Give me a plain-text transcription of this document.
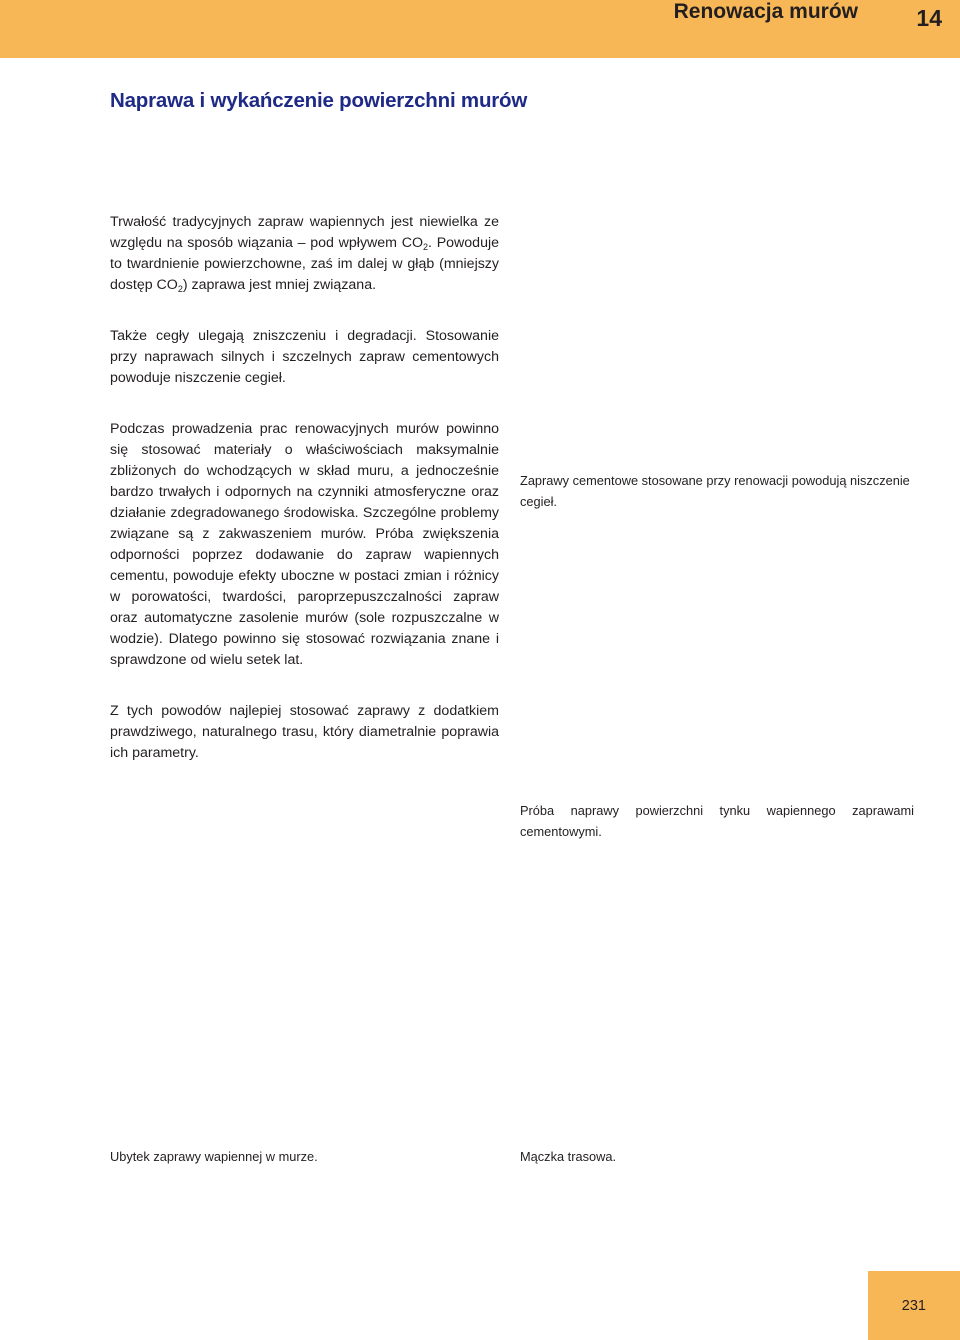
Renowacja murów	14
Naprawa i wykańczenie powierzchni murów

Trwałość tradycyjnych zapraw wapiennych jest niewielka ze względu na sposób wiązania – pod wpływem $CO_2$. Powoduje to twardnienie powierzchowne, zaś im dalej w głąb (mniejszy dostęp $CO_2$) zaprawa jest mniej związana.

Także cegły ulegają zniszczeniu i degradacji. Stosowanie przy naprawach silnych i szczelnych zapraw cementowych powoduje niszczenie cegieł.

Podczas prowadzenia prac renowacyjnych murów powinno się stosować materiały o właściwościach maksymalnie zbliżonych do wchodzących w skład muru, a jednocześnie bardzo trwałych i odpornych na czynniki atmosferyczne oraz działanie zdegradowanego środowiska. Szczególne problemy związane są z zakwaszeniem murów. Próba zwiększenia odporności poprzez dodawanie do zapraw wapiennych cementu, powoduje efekty uboczne w postaci zmian i różnicy w porowatości, twardości, paroprzepuszczalności zapraw oraz automatyczne zasolenie murów (sole rozpuszczalne w wodzie). Dlatego powinno się stosować rozwiązania znane i sprawdzone od wielu setek lat.

Z tych powodów najlepiej stosować zaprawy z dodatkiem prawdziwego, naturalnego trasu, który diametralnie poprawia ich parametry.

Zaprawy cementowe stosowane przy renowacji powodują niszczenie cegieł.

Próba naprawy powierzchni tynku wapiennego zaprawami cementowymi.

Ubytek zaprawy wapiennej w murze.	Mączka trasowa.

231
